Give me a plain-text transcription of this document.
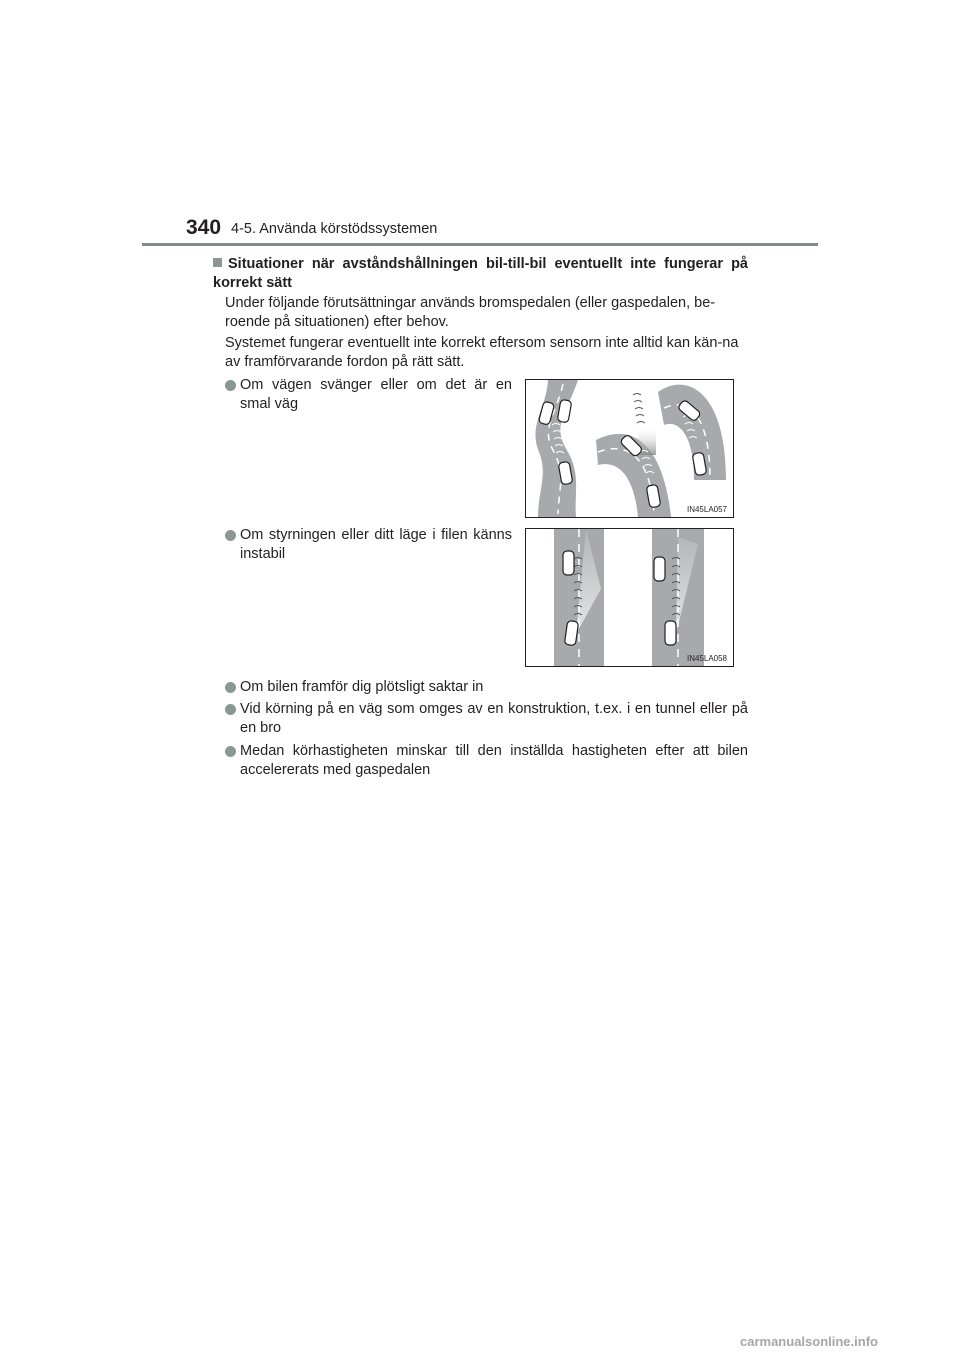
340 4-5. Använda körstödssystemen
Situationer när avståndshållningen bil-till-bil eventuellt inte fungerar på korrekt sätt
Under följande förutsättningar används bromspedalen (eller gaspedalen, be-roende på situationen) efter behov.
Systemet fungerar eventuellt inte korrekt eftersom sensorn inte alltid kan kän-na av framförvarande fordon på rätt sätt.
Om vägen svänger eller om det är en smal väg
IN45LA057
Om styrningen eller ditt läge i filen känns instabil
IN45LA058
Om bilen framför dig plötsligt saktar in
Vid körning på en väg som omges av en konstruktion, t.ex. i en tunnel eller på en bro
Medan körhastigheten minskar till den inställda hastigheten efter att bilen accelererats med gaspedalen
carmanualsonline.info
